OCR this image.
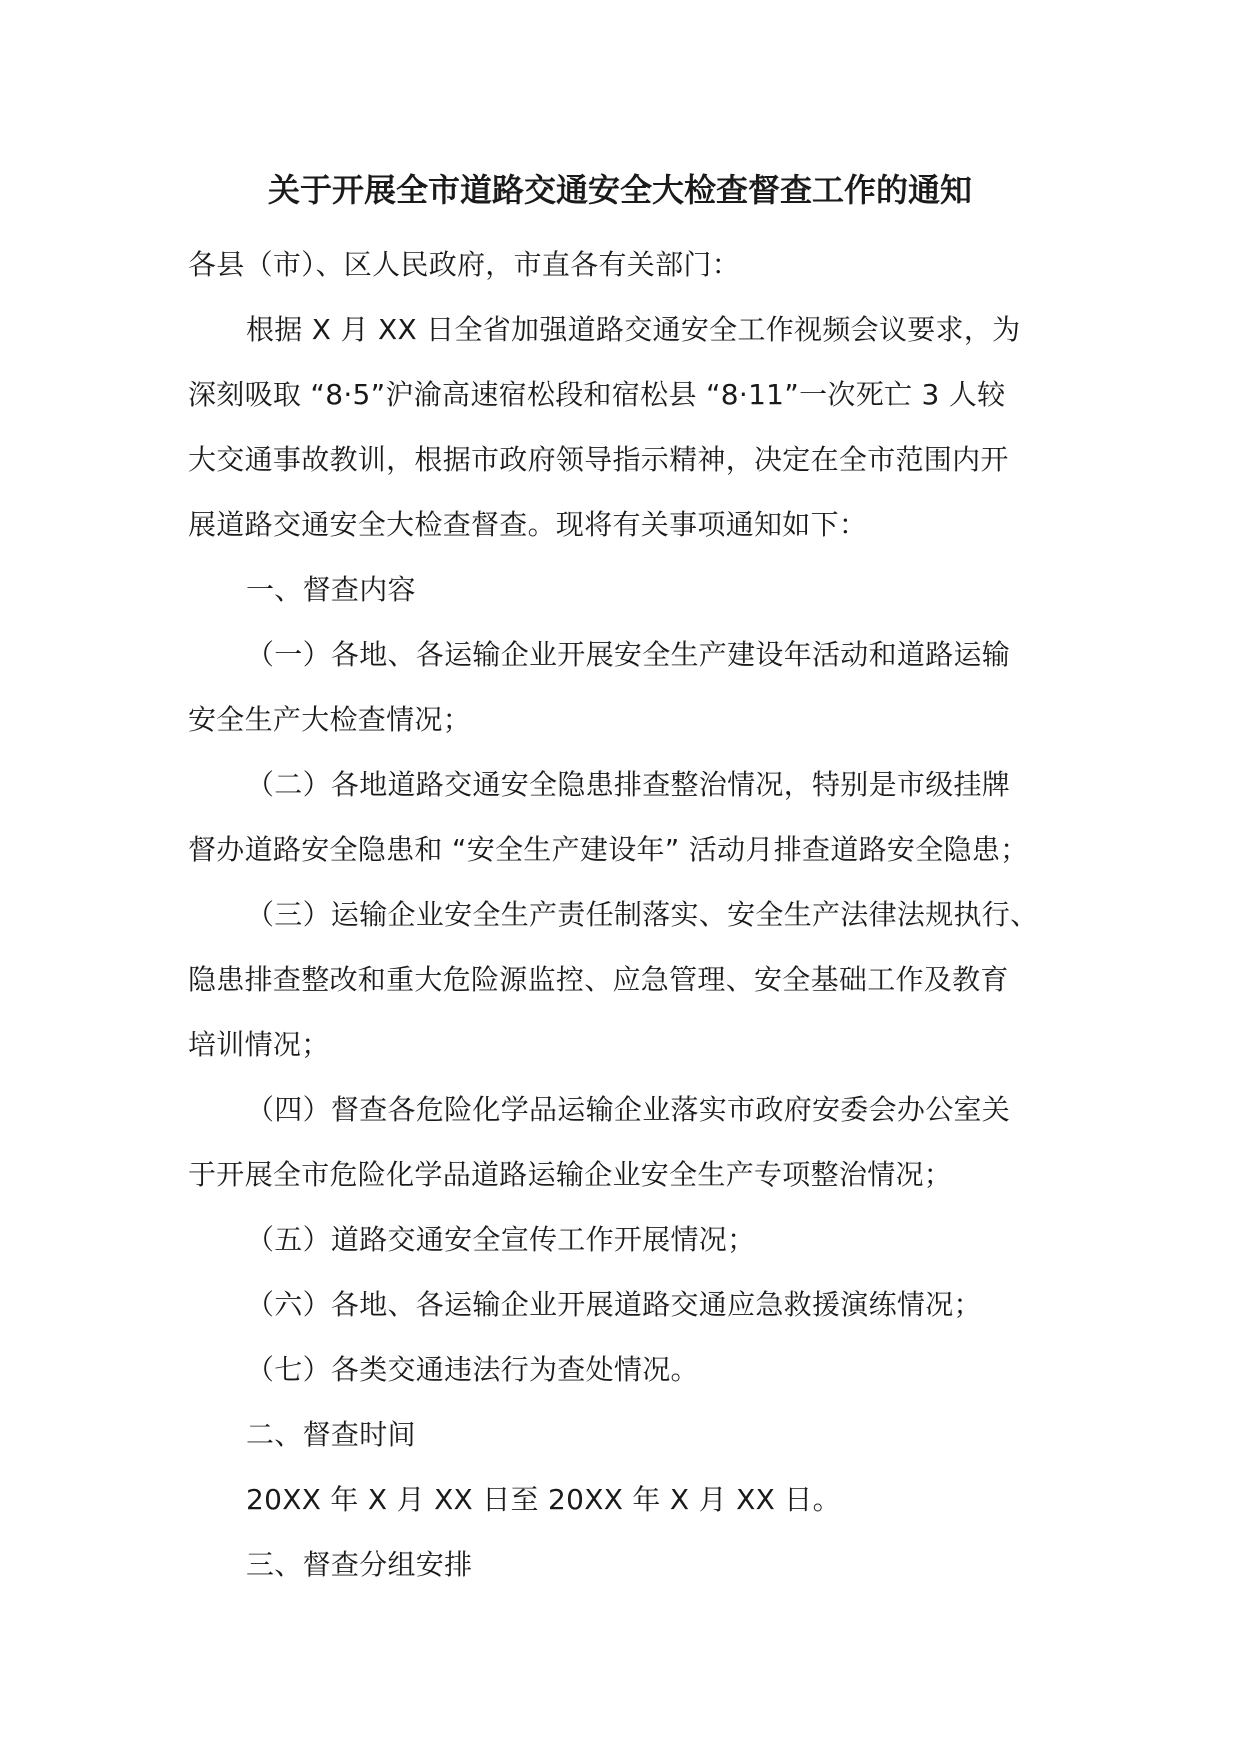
关于开展全市道路交通安全大检查督查工作的通知
各县（市）、区人民政府，市直各有关部门：
根据 X 月 XX 日全省加强道路交通安全工作视频会议要求，为
深刻吸取 “8·5”沪渝高速宿松段和宿松县 “8·11”一次死亡 3 人较
大交通事故教训，根据市政府领导指示精神，决定在全市范围内开
展道路交通安全大检查督查。现将有关事项通知如下：
一、督查内容
（一）各地、各运输企业开展安全生产建设年活动和道路运输
安全生产大检查情况；
（二）各地道路交通安全隐患排查整治情况，特别是市级挂牌
督办道路安全隐患和 “安全生产建设年” 活动月排查道路安全隐患；
（三）运输企业安全生产责任制落实、安全生产法律法规执行、
隐患排查整改和重大危险源监控、应急管理、安全基础工作及教育
培训情况；
（四）督查各危险化学品运输企业落实市政府安委会办公室关
于开展全市危险化学品道路运输企业安全生产专项整治情况；
（五）道路交通安全宣传工作开展情况；
（六）各地、各运输企业开展道路交通应急救援演练情况；
（七）各类交通违法行为查处情况。
二、督查时间
20XX 年 X 月 XX 日至 20XX 年 X 月 XX 日。
三、督查分组安排
